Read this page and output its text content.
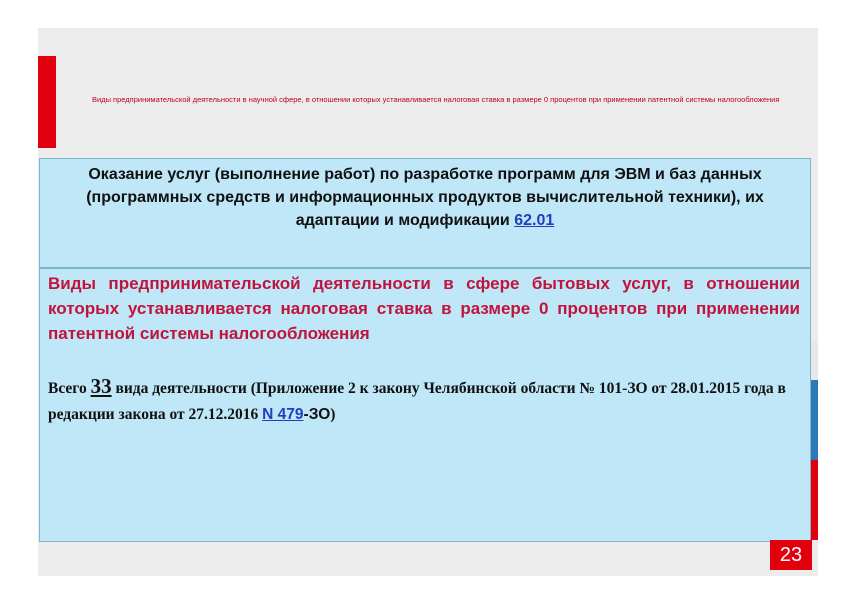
Виды предпринимательской деятельности в научной сфере, в отношении которых устанавливается налоговая ставка в размере 0 процентов при применении патентной системы налогообложения
Оказание услуг (выполнение работ) по разработке программ для ЭВМ и баз данных (программных средств и информационных продуктов вычислительной техники), их адаптации и модификации 62.01
Виды предпринимательской деятельности в сфере бытовых услуг, в отношении которых устанавливается налоговая ставка в размере 0 процентов при применении патентной системы налогообложения
Всего 33 вида деятельности (Приложение 2 к закону Челябинской области № 101-ЗО от 28.01.2015 года в редакции закона от 27.12.2016 N 479-ЗО)
23
